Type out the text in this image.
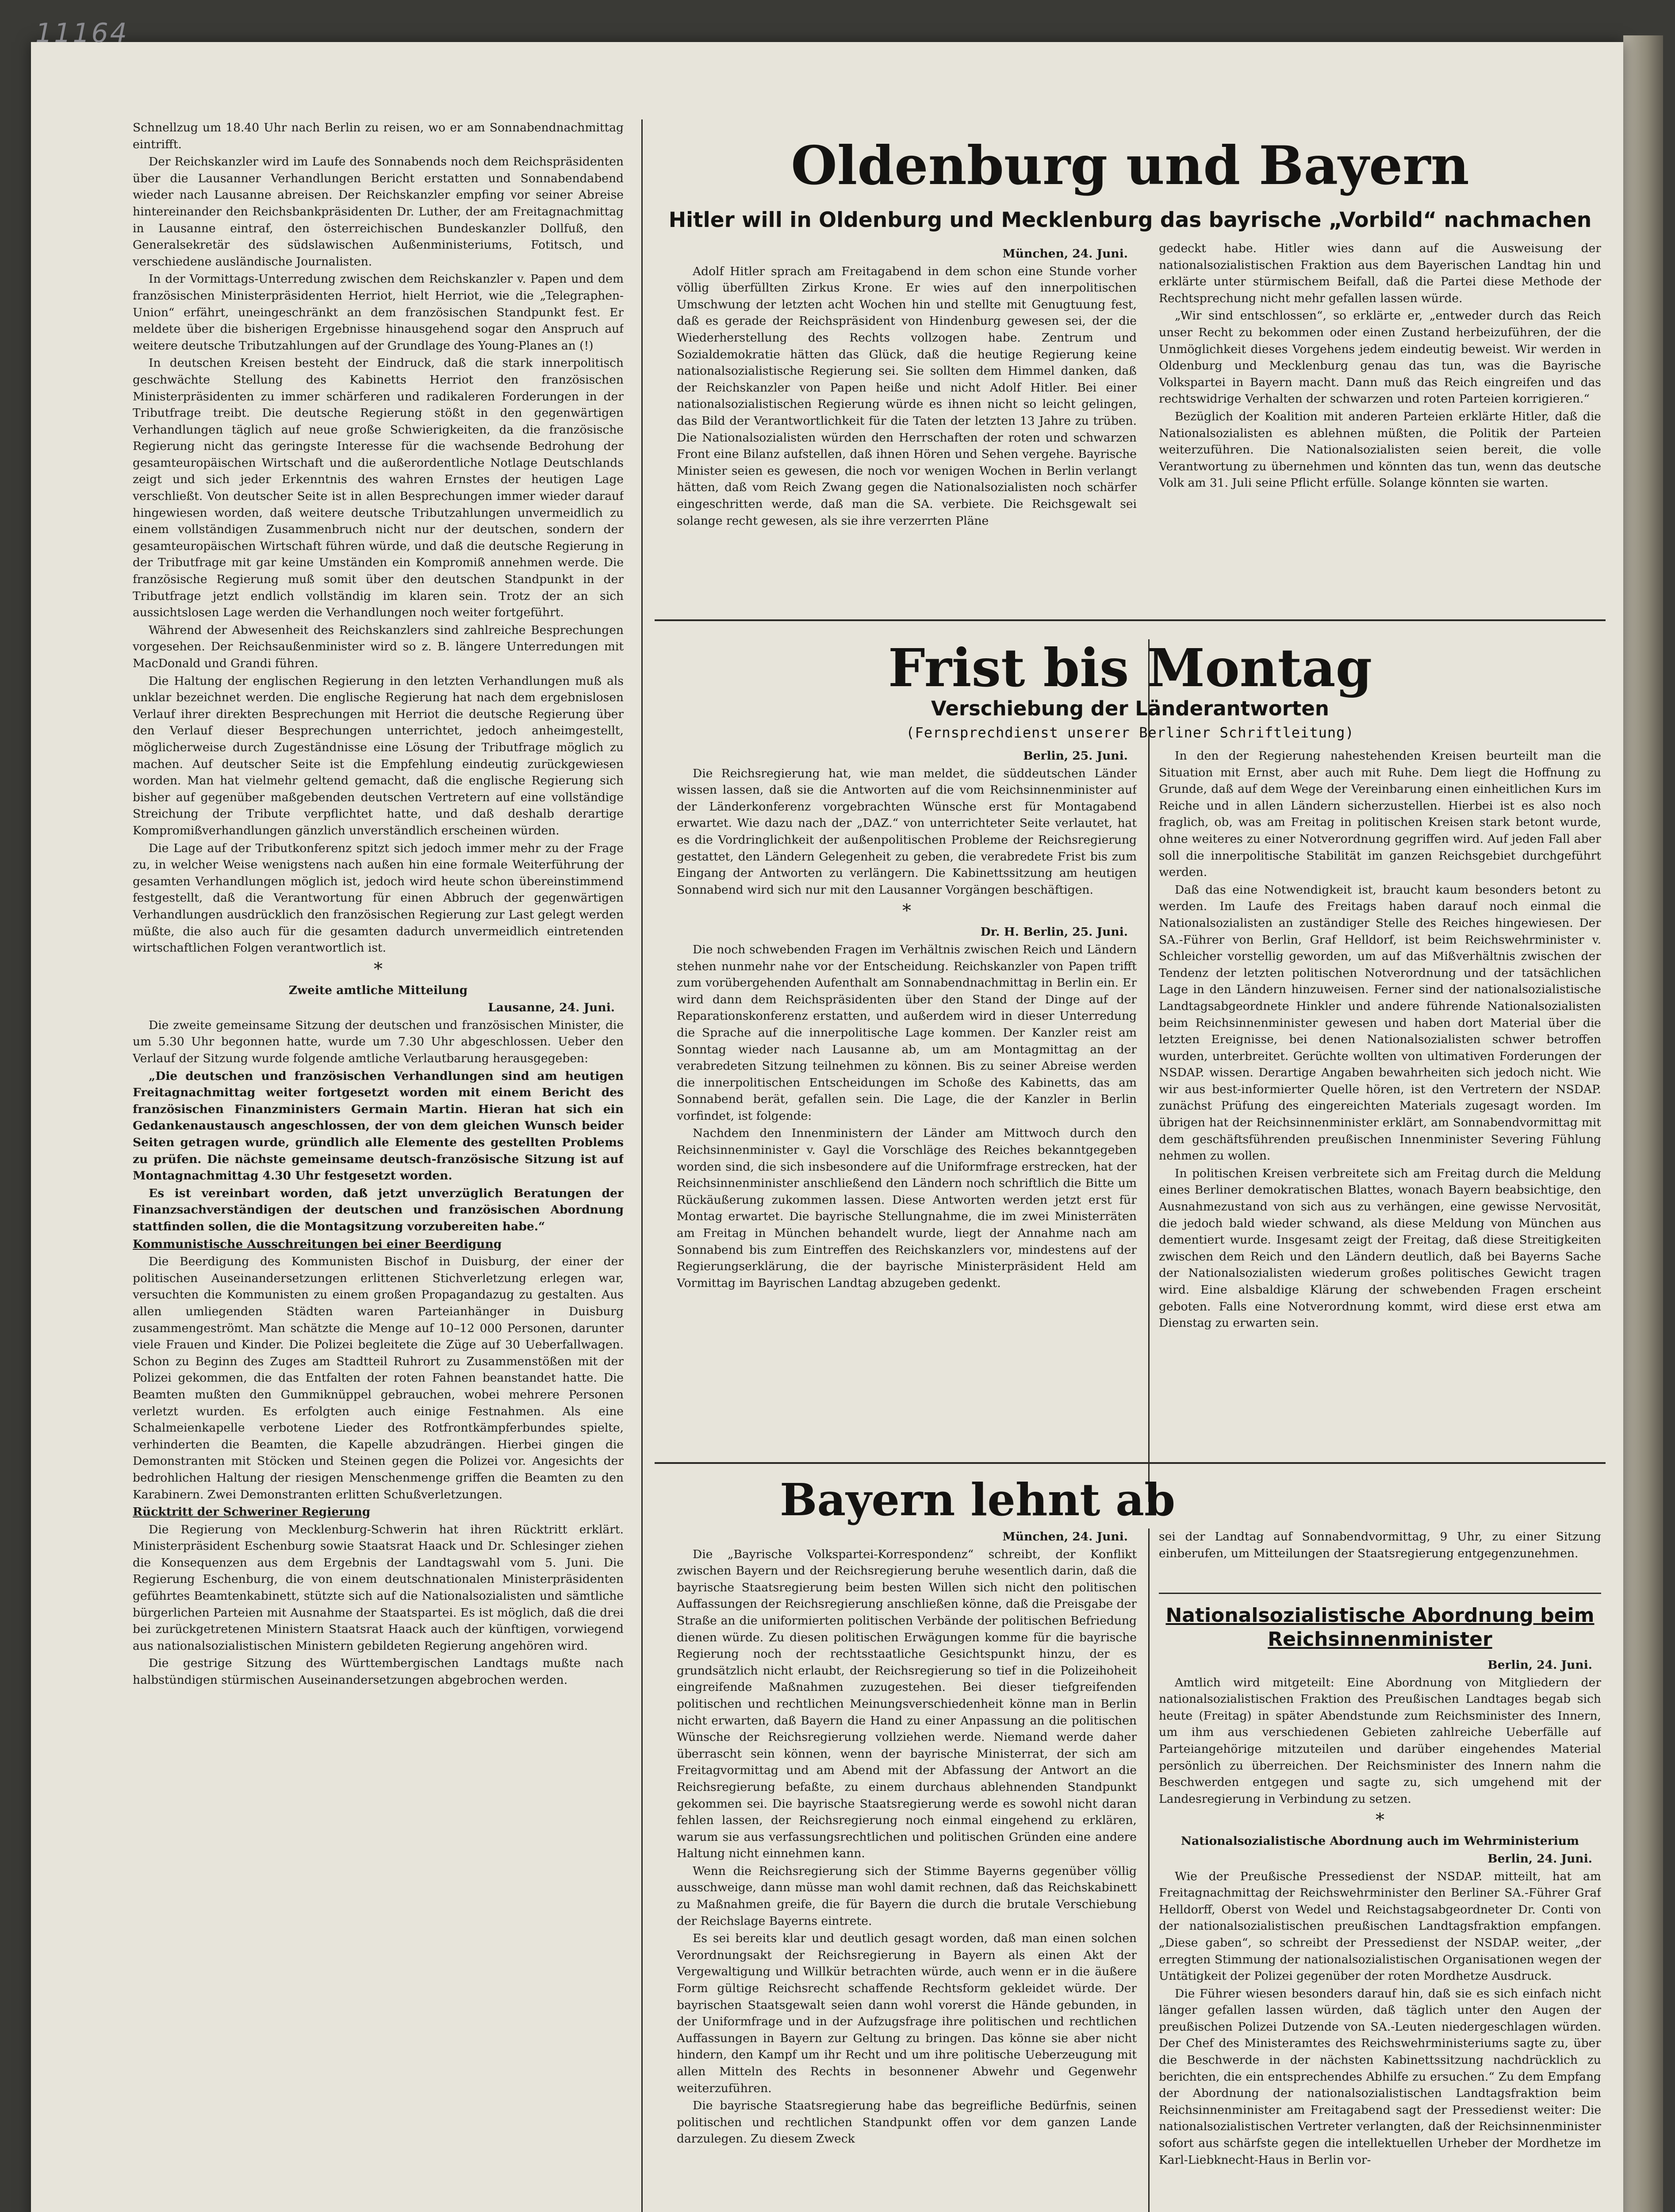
11164

Schnellzug um 18.40 Uhr nach Berlin zu reisen, wo er am Sonnabendnachmittag eintrifft.

Der Reichskanzler wird im Laufe des Sonnabends noch dem Reichspräsidenten über die Lausanner Verhandlungen Bericht erstatten und Sonnabendabend wieder nach Lausanne abreisen. Der Reichskanzler empfing vor seiner Abreise hintereinander den Reichsbankpräsidenten Dr. Luther, der am Freitagnachmittag in Lausanne eintraf, den österreichischen Bundeskanzler Dollfuß, den Generalsekretär des südslawischen Außenministeriums, Fotitsch, und verschiedene ausländische Journalisten.

In der Vormittags-Unterredung zwischen dem Reichskanzler v. Papen und dem französischen Ministerpräsidenten Herriot, hielt Herriot, wie die „Telegraphen-Union“ erfährt, uneingeschränkt an dem französischen Standpunkt fest. Er meldete über die bisherigen Ergebnisse hinausgehend sogar den Anspruch auf weitere deutsche Tributzahlungen auf der Grundlage des Young-Planes an (!)

In deutschen Kreisen besteht der Eindruck, daß die stark innerpolitisch geschwächte Stellung des Kabinetts Herriot den französischen Ministerpräsidenten zu immer schärferen und radikaleren Forderungen in der Tributfrage treibt. Die deutsche Regierung stößt in den gegenwärtigen Verhandlungen täglich auf neue große Schwierigkeiten, da die französische Regierung nicht das geringste Interesse für die wachsende Bedrohung der gesamteuropäischen Wirtschaft und die außerordentliche Notlage Deutschlands zeigt und sich jeder Erkenntnis des wahren Ernstes der heutigen Lage verschließt. Von deutscher Seite ist in allen Besprechungen immer wieder darauf hingewiesen worden, daß weitere deutsche Tributzahlungen unvermeidlich zu einem vollständigen Zusammenbruch nicht nur der deutschen, sondern der gesamteuropäischen Wirtschaft führen würde, und daß die deutsche Regierung in der Tributfrage mit gar keine Umständen ein Kompromiß annehmen werde. Die französische Regierung muß somit über den deutschen Standpunkt in der Tributfrage jetzt endlich vollständig im klaren sein. Trotz der an sich aussichtslosen Lage werden die Verhandlungen noch weiter fortgeführt.

Während der Abwesenheit des Reichskanzlers sind zahlreiche Besprechungen vorgesehen. Der Reichsaußenminister wird so z. B. längere Unterredungen mit MacDonald und Grandi führen.

Die Haltung der englischen Regierung in den letzten Verhandlungen muß als unklar bezeichnet werden. Die englische Regierung hat nach dem ergebnislosen Verlauf ihrer direkten Besprechungen mit Herriot die deutsche Regierung über den Verlauf dieser Besprechungen unterrichtet, jedoch anheimgestellt, möglicherweise durch Zugeständnisse eine Lösung der Tributfrage möglich zu machen. Auf deutscher Seite ist die Empfehlung eindeutig zurückgewiesen worden. Man hat vielmehr geltend gemacht, daß die englische Regierung sich bisher auf gegenüber maßgebenden deutschen Vertretern auf eine vollständige Streichung der Tribute verpflichtet hatte, und daß deshalb derartige Kompromißverhandlungen gänzlich unverständlich erscheinen würden.

Die Lage auf der Tributkonferenz spitzt sich jedoch immer mehr zu der Frage zu, in welcher Weise wenigstens nach außen hin eine formale Weiterführung der gesamten Verhandlungen möglich ist, jedoch wird heute schon übereinstimmend festgestellt, daß die Verantwortung für einen Abbruch der gegenwärtigen Verhandlungen ausdrücklich den französischen Regierung zur Last gelegt werden müßte, die also auch für die gesamten dadurch unvermeidlich eintretenden wirtschaftlichen Folgen verantwortlich ist.

*

Zweite amtliche Mitteilung

Lausanne, 24. Juni.

Die zweite gemeinsame Sitzung der deutschen und französischen Minister, die um 5.30 Uhr begonnen hatte, wurde um 7.30 Uhr abgeschlossen. Ueber den Verlauf der Sitzung wurde folgende amtliche Verlautbarung herausgegeben:

„Die deutschen und französischen Verhandlungen sind am heutigen Freitagnachmittag weiter fortgesetzt worden mit einem Bericht des französischen Finanzministers Germain Martin. Hieran hat sich ein Gedankenaustausch angeschlossen, der von dem gleichen Wunsch beider Seiten getragen wurde, gründlich alle Elemente des gestellten Problems zu prüfen. Die nächste gemeinsame deutsch-französische Sitzung ist auf Montagnachmittag 4.30 Uhr festgesetzt worden.

Es ist vereinbart worden, daß jetzt unverzüglich Beratungen der Finanzsachverständigen der deutschen und französischen Abordnung stattfinden sollen, die die Montagsitzung vorzubereiten habe.“

Kommunistische Ausschreitungen bei einer Beerdigung

Die Beerdigung des Kommunisten Bischof in Duisburg, der einer der politischen Auseinandersetzungen erlittenen Stichverletzung erlegen war, versuchten die Kommunisten zu einem großen Propagandazug zu gestalten. Aus allen umliegenden Städten waren Parteianhänger in Duisburg zusammengeströmt. Man schätzte die Menge auf 10–12 000 Personen, darunter viele Frauen und Kinder. Die Polizei begleitete die Züge auf 30 Ueberfallwagen. Schon zu Beginn des Zuges am Stadtteil Ruhrort zu Zusammenstößen mit der Polizei gekommen, die das Entfalten der roten Fahnen beanstandet hatte. Die Beamten mußten den Gummiknüppel gebrauchen, wobei mehrere Personen verletzt wurden. Es erfolgten auch einige Festnahmen. Als eine Schalmeienkapelle verbotene Lieder des Rotfrontkämpferbundes spielte, verhinderten die Beamten, die Kapelle abzudrängen. Hierbei gingen die Demonstranten mit Stöcken und Steinen gegen die Polizei vor. Angesichts der bedrohlichen Haltung der riesigen Menschenmenge griffen die Beamten zu den Karabinern. Zwei Demonstranten erlitten Schußverletzungen.

Rücktritt der Schweriner Regierung

Die Regierung von Mecklenburg-Schwerin hat ihren Rücktritt erklärt. Ministerpräsident Eschenburg sowie Staatsrat Haack und Dr. Schlesinger ziehen die Konsequenzen aus dem Ergebnis der Landtagswahl vom 5. Juni. Die Regierung Eschenburg, die von einem deutschnationalen Ministerpräsidenten geführtes Beamtenkabinett, stützte sich auf die Nationalsozialisten und sämtliche bürgerlichen Parteien mit Ausnahme der Staatspartei. Es ist möglich, daß die drei bei zurückgetretenen Ministern Staatsrat Haack auch der künftigen, vorwiegend aus nationalsozialistischen Ministern gebildeten Regierung angehören wird.

Die gestrige Sitzung des Württembergischen Landtags mußte nach halbstündigen stürmischen Auseinandersetzungen abgebrochen werden.

Oldenburg und Bayern
Hitler will in Oldenburg und Mecklenburg das bayrische „Vorbild“ nachmachen

München, 24. Juni.

Adolf Hitler sprach am Freitagabend in dem schon eine Stunde vorher völlig überfüllten Zirkus Krone. Er wies auf den innerpolitischen Umschwung der letzten acht Wochen hin und stellte mit Genugtuung fest, daß es gerade der Reichspräsident von Hindenburg gewesen sei, der die Wiederherstellung des Rechts vollzogen habe. Zentrum und Sozialdemokratie hätten das Glück, daß die heutige Regierung keine nationalsozialistische Regierung sei. Sie sollten dem Himmel danken, daß der Reichskanzler von Papen heiße und nicht Adolf Hitler. Bei einer nationalsozialistischen Regierung würde es ihnen nicht so leicht gelingen, das Bild der Verantwortlichkeit für die Taten der letzten 13 Jahre zu trüben. Die Nationalsozialisten würden den Herrschaften der roten und schwarzen Front eine Bilanz aufstellen, daß ihnen Hören und Sehen vergehe. Bayrische Minister seien es gewesen, die noch vor wenigen Wochen in Berlin verlangt hätten, daß vom Reich Zwang gegen die Nationalsozialisten noch schärfer eingeschritten werde, daß man die SA. verbiete. Die Reichsgewalt sei solange recht gewesen, als sie ihre verzerrten Pläne

gedeckt habe. Hitler wies dann auf die Ausweisung der nationalsozialistischen Fraktion aus dem Bayerischen Landtag hin und erklärte unter stürmischem Beifall, daß die Partei diese Methode der Rechtsprechung nicht mehr gefallen lassen würde.

„Wir sind entschlossen“, so erklärte er, „entweder durch das Reich unser Recht zu bekommen oder einen Zustand herbeizuführen, der die Unmöglichkeit dieses Vorgehens jedem eindeutig beweist. Wir werden in Oldenburg und Mecklenburg genau das tun, was die Bayrische Volkspartei in Bayern macht. Dann muß das Reich eingreifen und das rechtswidrige Verhalten der schwarzen und roten Parteien korrigieren.“

Bezüglich der Koalition mit anderen Parteien erklärte Hitler, daß die Nationalsozialisten es ablehnen müßten, die Politik der Parteien weiterzuführen. Die Nationalsozialisten seien bereit, die volle Verantwortung zu übernehmen und könnten das tun, wenn das deutsche Volk am 31. Juli seine Pflicht erfülle. Solange könnten sie warten.

Frist bis Montag
Verschiebung der Länderantworten
(Fernsprechdienst unserer Berliner Schriftleitung)

Berlin, 25. Juni.

Die Reichsregierung hat, wie man meldet, die süddeutschen Länder wissen lassen, daß sie die Antworten auf die vom Reichsinnenminister auf der Länderkonferenz vorgebrachten Wünsche erst für Montagabend erwartet. Wie dazu nach der „DAZ.“ von unterrichteter Seite verlautet, hat es die Vordringlichkeit der außenpolitischen Probleme der Reichsregierung gestattet, den Ländern Gelegenheit zu geben, die verabredete Frist bis zum Eingang der Antworten zu verlängern. Die Kabinettssitzung am heutigen Sonnabend wird sich nur mit den Lausanner Vorgängen beschäftigen.

*

Dr. H. Berlin, 25. Juni.

Die noch schwebenden Fragen im Verhältnis zwischen Reich und Ländern stehen nunmehr nahe vor der Entscheidung. Reichskanzler von Papen trifft zum vorübergehenden Aufenthalt am Sonnabendnachmittag in Berlin ein. Er wird dann dem Reichspräsidenten über den Stand der Dinge auf der Reparationskonferenz erstatten, und außerdem wird in dieser Unterredung die Sprache auf die innerpolitische Lage kommen. Der Kanzler reist am Sonntag wieder nach Lausanne ab, um am Montagmittag an der verabredeten Sitzung teilnehmen zu können. Bis zu seiner Abreise werden die innerpolitischen Entscheidungen im Schoße des Kabinetts, das am Sonnabend berät, gefallen sein. Die Lage, die der Kanzler in Berlin vorfindet, ist folgende:

Nachdem den Innenministern der Länder am Mittwoch durch den Reichsinnenminister v. Gayl die Vorschläge des Reiches bekanntgegeben worden sind, die sich insbesondere auf die Uniformfrage erstrecken, hat der Reichsinnenminister anschließend den Ländern noch schriftlich die Bitte um Rückäußerung zukommen lassen. Diese Antworten werden jetzt erst für Montag erwartet. Die bayrische Stellungnahme, die im zwei Ministerräten am Freitag in München behandelt wurde, liegt der Annahme nach am Sonnabend bis zum Eintreffen des Reichskanzlers vor, mindestens auf der Regierungserklärung, die der bayrische Ministerpräsident Held am Vormittag im Bayrischen Landtag abzugeben gedenkt.

In den der Regierung nahestehenden Kreisen beurteilt man die Situation mit Ernst, aber auch mit Ruhe. Dem liegt die Hoffnung zu Grunde, daß auf dem Wege der Vereinbarung einen einheitlichen Kurs im Reiche und in allen Ländern sicherzustellen. Hierbei ist es also noch fraglich, ob, was am Freitag in politischen Kreisen stark betont wurde, ohne weiteres zu einer Notverordnung gegriffen wird. Auf jeden Fall aber soll die innerpolitische Stabilität im ganzen Reichsgebiet durchgeführt werden.

Daß das eine Notwendigkeit ist, braucht kaum besonders betont zu werden. Im Laufe des Freitags haben darauf noch einmal die Nationalsozialisten an zuständiger Stelle des Reiches hingewiesen. Der SA.-Führer von Berlin, Graf Helldorf, ist beim Reichswehrminister v. Schleicher vorstellig geworden, um auf das Mißverhältnis zwischen der Tendenz der letzten politischen Notverordnung und der tatsächlichen Lage in den Ländern hinzuweisen. Ferner sind der nationalsozialistische Landtagsabgeordnete Hinkler und andere führende Nationalsozialisten beim Reichsinnenminister gewesen und haben dort Material über die letzten Ereignisse, bei denen Nationalsozialisten schwer betroffen wurden, unterbreitet. Gerüchte wollten von ultimativen Forderungen der NSDAP. wissen. Derartige Angaben bewahrheiten sich jedoch nicht. Wie wir aus best-informierter Quelle hören, ist den Vertretern der NSDAP. zunächst Prüfung des eingereichten Materials zugesagt worden. Im übrigen hat der Reichsinnenminister erklärt, am Sonnabendvormittag mit dem geschäftsführenden preußischen Innenminister Severing Fühlung nehmen zu wollen.

In politischen Kreisen verbreitete sich am Freitag durch die Meldung eines Berliner demokratischen Blattes, wonach Bayern beabsichtige, den Ausnahmezustand von sich aus zu verhängen, eine gewisse Nervosität, die jedoch bald wieder schwand, als diese Meldung von München aus dementiert wurde. Insgesamt zeigt der Freitag, daß diese Streitigkeiten zwischen dem Reich und den Ländern deutlich, daß bei Bayerns Sache der Nationalsozialisten wiederum großes politisches Gewicht tragen wird. Eine alsbaldige Klärung der schwebenden Fragen erscheint geboten. Falls eine Notverordnung kommt, wird diese erst etwa am Dienstag zu erwarten sein.

Bayern lehnt ab

München, 24. Juni.

Die „Bayrische Volkspartei-Korrespondenz“ schreibt, der Konflikt zwischen Bayern und der Reichsregierung beruhe wesentlich darin, daß die bayrische Staatsregierung beim besten Willen sich nicht den politischen Auffassungen der Reichsregierung anschließen könne, daß die Preisgabe der Straße an die uniformierten politischen Verbände der politischen Befriedung dienen würde. Zu diesen politischen Erwägungen komme für die bayrische Regierung noch der rechtsstaatliche Gesichtspunkt hinzu, der es grundsätzlich nicht erlaubt, der Reichsregierung so tief in die Polizeihoheit eingreifende Maßnahmen zuzugestehen. Bei dieser tiefgreifenden politischen und rechtlichen Meinungsverschiedenheit könne man in Berlin nicht erwarten, daß Bayern die Hand zu einer Anpassung an die politischen Wünsche der Reichsregierung vollziehen werde. Niemand werde daher überrascht sein können, wenn der bayrische Ministerrat, der sich am Freitagvormittag und am Abend mit der Abfassung der Antwort an die Reichsregierung befaßte, zu einem durchaus ablehnenden Standpunkt gekommen sei. Die bayrische Staatsregierung werde es sowohl nicht daran fehlen lassen, der Reichsregierung noch einmal eingehend zu erklären, warum sie aus verfassungsrechtlichen und politischen Gründen eine andere Haltung nicht einnehmen kann.

Wenn die Reichsregierung sich der Stimme Bayerns gegenüber völlig ausschweige, dann müsse man wohl damit rechnen, daß das Reichskabinett zu Maßnahmen greife, die für Bayern die durch die brutale Verschiebung der Reichslage Bayerns eintrete.

Es sei bereits klar und deutlich gesagt worden, daß man einen solchen Verordnungsakt der Reichsregierung in Bayern als einen Akt der Vergewaltigung und Willkür betrachten würde, auch wenn er in die äußere Form gültige Reichsrecht schaffende Rechtsform gekleidet würde. Der bayrischen Staatsgewalt seien dann wohl vorerst die Hände gebunden, in der Uniformfrage und in der Aufzugsfrage ihre politischen und rechtlichen Auffassungen in Bayern zur Geltung zu bringen. Das könne sie aber nicht hindern, den Kampf um ihr Recht und um ihre politische Ueberzeugung mit allen Mitteln des Rechts in besonnener Abwehr und Gegenwehr weiterzuführen.

Die bayrische Staatsregierung habe das begreifliche Bedürfnis, seinen politischen und rechtlichen Standpunkt offen vor dem ganzen Lande darzulegen. Zu diesem Zweck

sei der Landtag auf Sonnabendvormittag, 9 Uhr, zu einer Sitzung einberufen, um Mitteilungen der Staatsregierung entgegenzunehmen.

Nationalsozialistische Abordnung beim Reichsinnenminister

Berlin, 24. Juni.

Amtlich wird mitgeteilt: Eine Abordnung von Mitgliedern der nationalsozialistischen Fraktion des Preußischen Landtages begab sich heute (Freitag) in später Abendstunde zum Reichsminister des Innern, um ihm aus verschiedenen Gebieten zahlreiche Ueberfälle auf Parteiangehörige mitzuteilen und darüber eingehendes Material persönlich zu überreichen. Der Reichsminister des Innern nahm die Beschwerden entgegen und sagte zu, sich umgehend mit der Landesregierung in Verbindung zu setzen.

*

Nationalsozialistische Abordnung auch im Wehrministerium

Berlin, 24. Juni.

Wie der Preußische Pressedienst der NSDAP. mitteilt, hat am Freitagnachmittag der Reichswehrminister den Berliner SA.-Führer Graf Helldorff, Oberst von Wedel und Reichstagsabgeordneter Dr. Conti von der nationalsozialistischen preußischen Landtagsfraktion empfangen. „Diese gaben“, so schreibt der Pressedienst der NSDAP. weiter, „der erregten Stimmung der nationalsozialistischen Organisationen wegen der Untätigkeit der Polizei gegenüber der roten Mordhetze Ausdruck.

Die Führer wiesen besonders darauf hin, daß sie es sich einfach nicht länger gefallen lassen würden, daß täglich unter den Augen der preußischen Polizei Dutzende von SA.-Leuten niedergeschlagen würden. Der Chef des Ministeramtes des Reichswehrministeriums sagte zu, über die Beschwerde in der nächsten Kabinettssitzung nachdrücklich zu berichten, die ein entsprechendes Abhilfe zu ersuchen.“ Zu dem Empfang der Abordnung der nationalsozialistischen Landtagsfraktion beim Reichsinnenminister am Freitagabend sagt der Pressedienst weiter: Die nationalsozialistischen Vertreter verlangten, daß der Reichsinnenminister sofort aus schärfste gegen die intellektuellen Urheber der Mordhetze im Karl-Liebknecht-Haus in Berlin vor-
